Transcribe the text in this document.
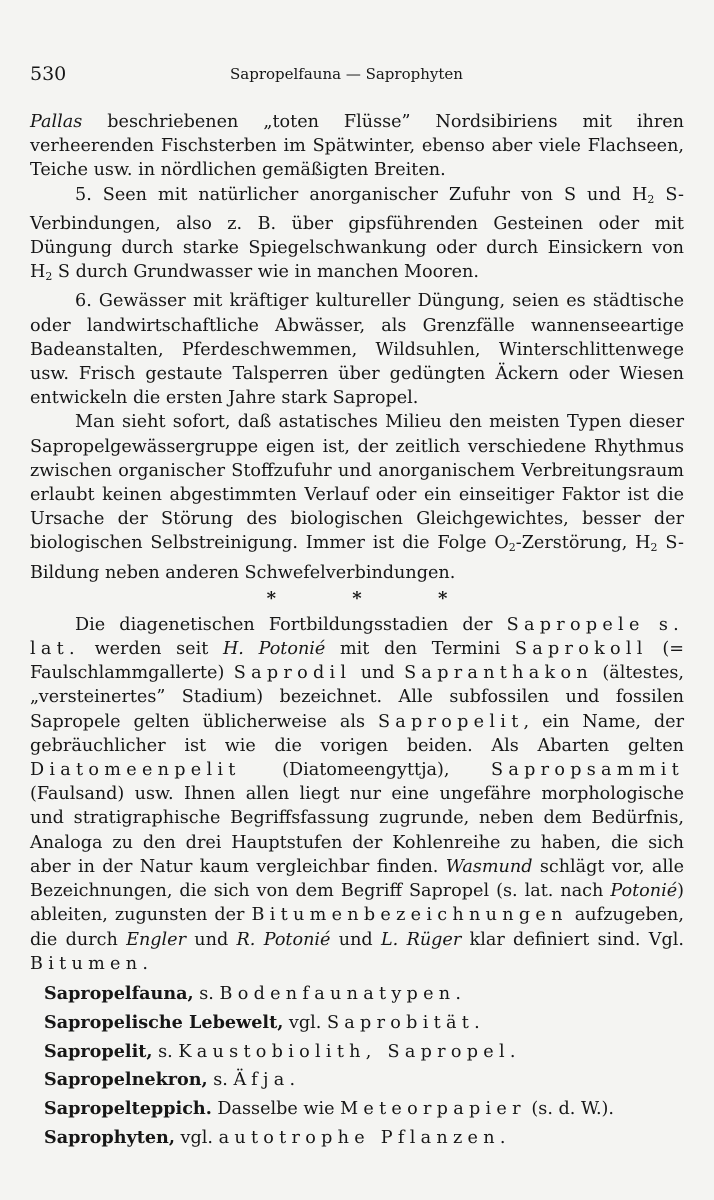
530	Sapropelfauna — Saprophyten

Pallas beschriebenen „toten Flüsse” Nordsibiriens mit ihren verheerenden Fischsterben im Spätwinter, ebenso aber viele Flachseen, Teiche usw. in nördlichen gemäßigten Breiten.

5. Seen mit natürlicher anorganischer Zufuhr von S und $H_2$ S-Verbindungen, also z. B. über gipsführenden Gesteinen oder mit Düngung durch starke Spiegelschwankung oder durch Einsickern von $H_2$ S durch Grundwasser wie in manchen Mooren.

6. Gewässer mit kräftiger kultureller Düngung, seien es städtische oder landwirtschaftliche Abwässer, als Grenzfälle wannenseeartige Badeanstalten, Pferdeschwemmen, Wildsuhlen, Winterschlittenwege usw. Frisch gestaute Talsperren über gedüngten Äckern oder Wiesen entwickeln die ersten Jahre stark Sapropel.

Man sieht sofort, daß astatisches Milieu den meisten Typen dieser Sapropelgewässergruppe eigen ist, der zeitlich verschiedene Rhythmus zwischen organischer Stoffzufuhr und anorganischem Verbreitungsraum erlaubt keinen abgestimmten Verlauf oder ein einseitiger Faktor ist die Ursache der Störung des biologischen Gleichgewichtes, besser der biologischen Selbstreinigung. Immer ist die Folge $O_2$-Zerstörung, $H_2$ S-Bildung neben anderen Schwefelverbindungen.

* * *

Die diagenetischen Fortbildungsstadien der Sapropele s. lat. werden seit H. Potonié mit den Termini Saprokoll (= Faulschlammgallerte) Saprodil und Sapranthakon (ältestes, „versteinertes” Stadium) bezeichnet. Alle subfossilen und fossilen Sapropele gelten üblicherweise als Sapropelit, ein Name, der gebräuchlicher ist wie die vorigen beiden. Als Abarten gelten Diatomeenpelit (Diatomeengyttja), Sapropsammit (Faulsand) usw. Ihnen allen liegt nur eine ungefähre morphologische und stratigraphische Begriffsfassung zugrunde, neben dem Bedürfnis, Analoga zu den drei Hauptstufen der Kohlenreihe zu haben, die sich aber in der Natur kaum vergleichbar finden. Wasmund schlägt vor, alle Bezeichnungen, die sich von dem Begriff Sapropel (s. lat. nach Potonié) ableiten, zugunsten der Bitumenbezeichnungen aufzugeben, die durch Engler und R. Potonié und L. Rüger klar definiert sind. Vgl. Bitumen.

Sapropelfauna, s. Bodenfaunatypen.

Sapropelische Lebewelt, vgl. Saprobität.

Sapropelit, s. Kaustobiolith, Sapropel.

Sapropelnekron, s. Äfja.

Sapropelteppich. Dasselbe wie Meteorpapier (s. d. W.).

Saprophyten, vgl. autotrophe Pflanzen.
